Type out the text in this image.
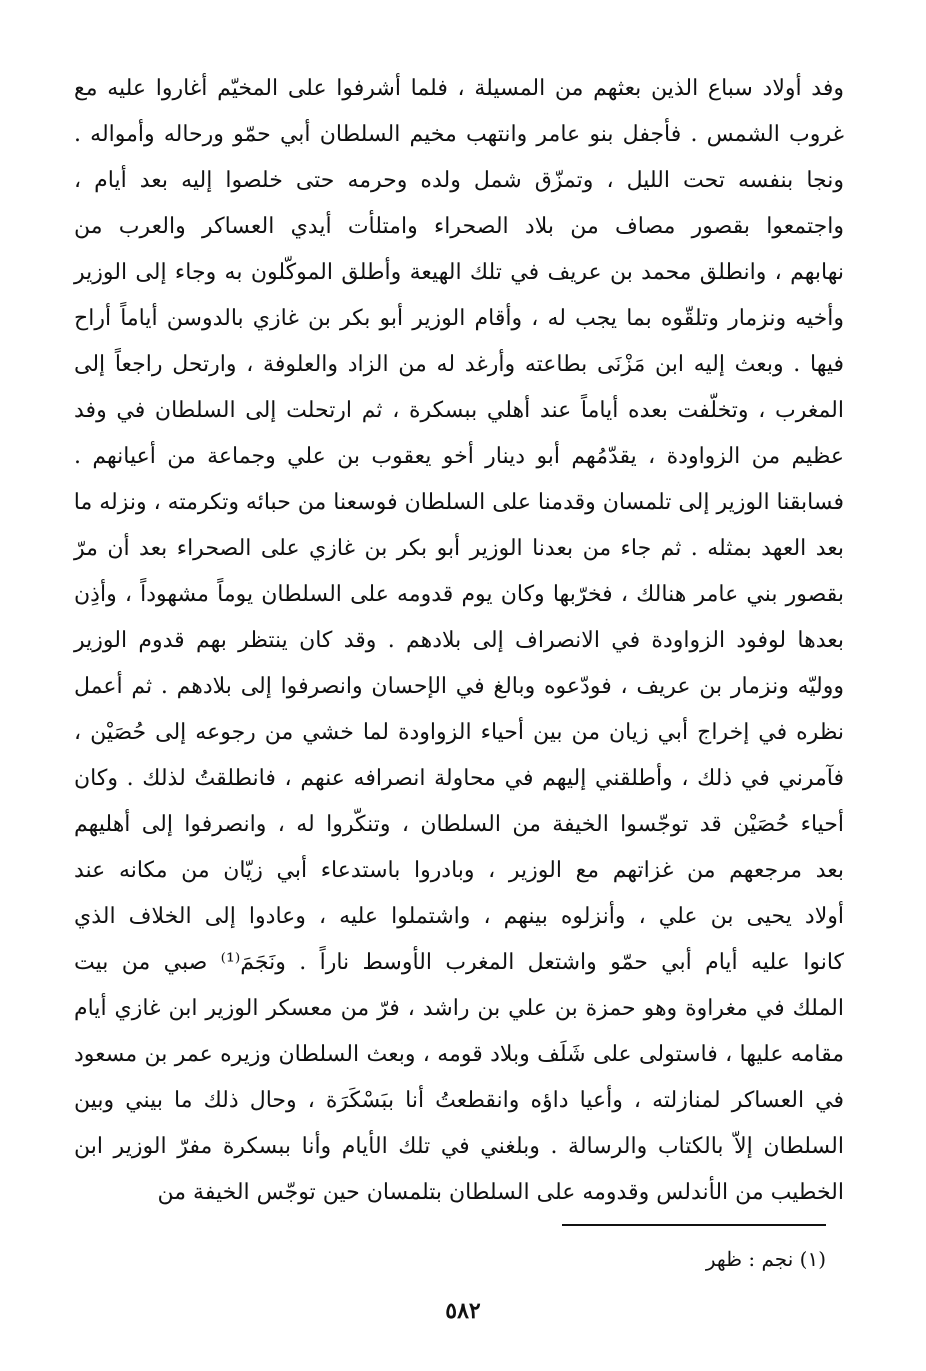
وفد أولاد سباع الذين بعثهم من المسيلة ، فلما أشرفوا على المخيّم أغاروا عليه مع
غروب الشمس . فأجفل بنو عامر وانتهب مخيم السلطان أبي حمّو ورحاله وأمواله .
ونجا بنفسه تحت الليل ، وتمزّق شمل ولده وحرمه حتى خلصوا إليه بعد أيام ،
واجتمعوا بقصور مصاف من بلاد الصحراء وامتلأت أيدي العساكر والعرب من
نهابهم ، وانطلق محمد بن عريف في تلك الهيعة وأطلق الموكّلون به وجاء إلى الوزير
وأخيه ونزمار وتلقّوه بما يجب له ، وأقام الوزير أبو بكر بن غازي بالدوسن أياماً أراح
فيها . وبعث إليه ابن مَزْنَى بطاعته وأرغد له من الزاد والعلوفة ، وارتحل راجعاً إلى
المغرب ، وتخلّفت بعده أياماً عند أهلي ببسكرة ، ثم ارتحلت إلى السلطان في وفد
عظيم من الزواودة ، يقدّمُهم أبو دينار أخو يعقوب بن علي وجماعة من أعيانهم .
فسابقنا الوزير إلى تلمسان وقدمنا على السلطان فوسعنا من حبائه وتكرمته ، ونزله ما
بعد العهد بمثله . ثم جاء من بعدنا الوزير أبو بكر بن غازي على الصحراء بعد أن مرّ
بقصور بني عامر هنالك ، فخرّبها وكان يوم قدومه على السلطان يوماً مشهوداً ، وأذِن
بعدها لوفود الزواودة في الانصراف إلى بلادهم . وقد كان ينتظر بهم قدوم الوزير
ووليّه ونزمار بن عريف ، فودّعوه وبالغ في الإحسان وانصرفوا إلى بلادهم . ثم أعمل
نظره في إخراج أبي زيان من بين أحياء الزواودة لما خشي من رجوعه إلى حُصَيْن ،
فآمرني في ذلك ، وأطلقني إليهم في محاولة انصرافه عنهم ، فانطلقتُ لذلك . وكان
أحياء حُصَيْن قد توجّسوا الخيفة من السلطان ، وتنكّروا له ، وانصرفوا إلى أهليهم
بعد مرجعهم من غزاتهم مع الوزير ، وبادروا باستدعاء أبي زيّان من مكانه عند
أولاد يحيى بن علي ، وأنزلوه بينهم ، واشتملوا عليه ، وعادوا إلى الخلاف الذي
كانوا عليه أيام أبي حمّو واشتعل المغرب الأوسط ناراً . ونَجَمَ⁽¹⁾ صبي من بيت
الملك في مغراوة وهو حمزة بن علي بن راشد ، فرّ من معسكر الوزير ابن غازي أيام
مقامه عليها ، فاستولى على شَلَف وبلاد قومه ، وبعث السلطان وزيره عمر بن مسعود
في العساكر لمنازلته ، وأعيا داؤه وانقطعتُ أنا ببَسْكَرَة ، وحال ذلك ما بيني وبين
السلطان إلاّ بالكتاب والرسالة . وبلغني في تلك الأيام وأنا ببسكرة مفرّ الوزير ابن
الخطيب من الأندلس وقدومه على السلطان بتلمسان حين توجّس الخيفة من
(١) نجم : ظهر
٥٨٢
